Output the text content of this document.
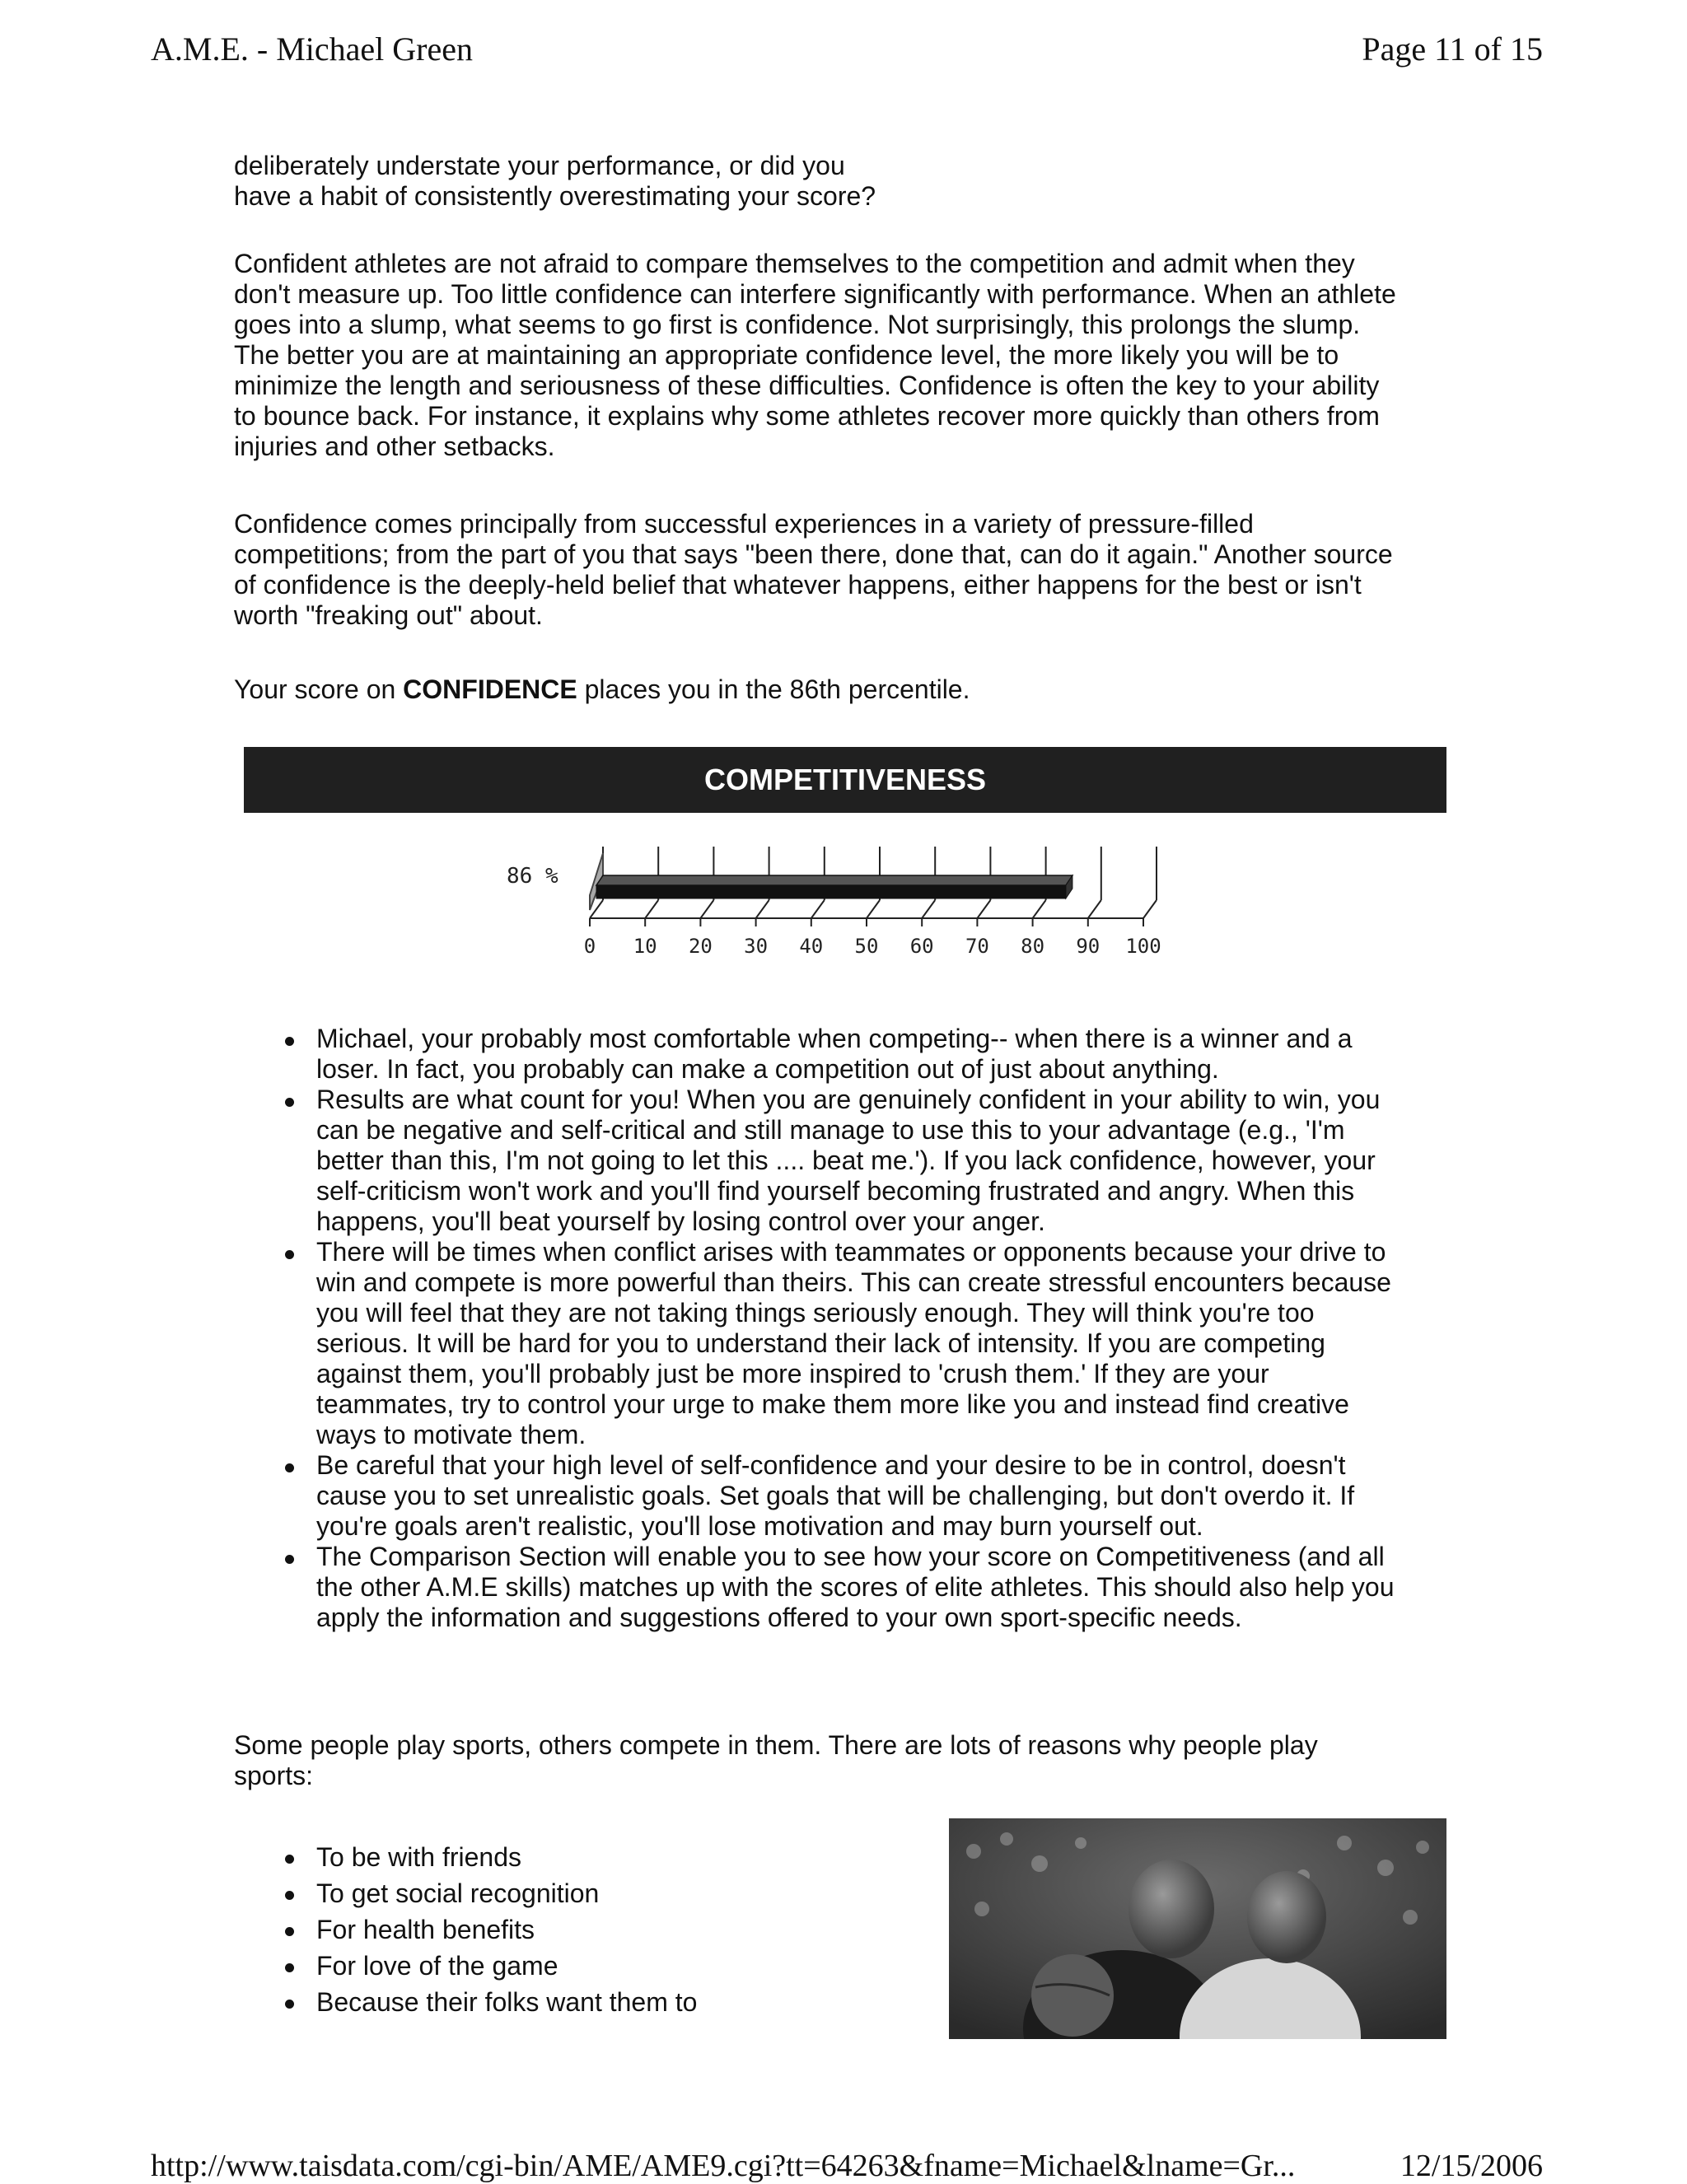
A.M.E. - Michael Green	Page 11 of 15

deliberately understate your performance, or did you

have a habit of consistently overestimating your score?

Confident athletes are not afraid to compare themselves to the competition and admit when they

don't measure up. Too little confidence can interfere significantly with performance. When an athlete

goes into a slump, what seems to go first is confidence. Not surprisingly, this prolongs the slump.

The better you are at maintaining an appropriate confidence level, the more likely you will be to

minimize the length and seriousness of these difficulties. Confidence is often the key to your ability

to bounce back. For instance, it explains why some athletes recover more quickly than others from

injuries and other setbacks.

Confidence comes principally from successful experiences in a variety of pressure-filled

competitions; from the part of you that says "been there, done that, can do it again." Another source

of confidence is the deeply-held belief that whatever happens, either happens for the best or isn't

worth "freaking out" about.

Your score on CONFIDENCE places you in the 86th percentile.

COMPETITIVENESS
0 10 20 30 40 50 60 70 80 90 100
86 %
Michael, your probably most comfortable when competing-- when there is a winner and a
loser. In fact, you probably can make a competition out of just about anything.
Results are what count for you! When you are genuinely confident in your ability to win, you
can be negative and self-critical and still manage to use this to your advantage (e.g., 'I'm
better than this, I'm not going to let this .... beat me.'). If you lack confidence, however, your
self-criticism won't work and you'll find yourself becoming frustrated and angry. When this
happens, you'll beat yourself by losing control over your anger.
There will be times when conflict arises with teammates or opponents because your drive to
win and compete is more powerful than theirs. This can create stressful encounters because
you will feel that they are not taking things seriously enough. They will think you're too
serious. It will be hard for you to understand their lack of intensity. If you are competing
against them, you'll probably just be more inspired to 'crush them.' If they are your
teammates, try to control your urge to make them more like you and instead find creative
ways to motivate them.
Be careful that your high level of self-confidence and your desire to be in control, doesn't
cause you to set unrealistic goals. Set goals that will be challenging, but don't overdo it. If
you're goals aren't realistic, you'll lose motivation and may burn yourself out.
The Comparison Section will enable you to see how your score on Competitiveness (and all
the other A.M.E skills) matches up with the scores of elite athletes. This should also help you
apply the information and suggestions offered to your own sport-specific needs.

Some people play sports, others compete in them. There are lots of reasons why people play

sports:

To be with friends
To get social recognition
For health benefits
For love of the game
Because their folks want them to
http://www.taisdata.com/cgi-bin/AME/AME9.cgi?tt=64263&fname=Michael&lname=Gr...	12/15/2006
